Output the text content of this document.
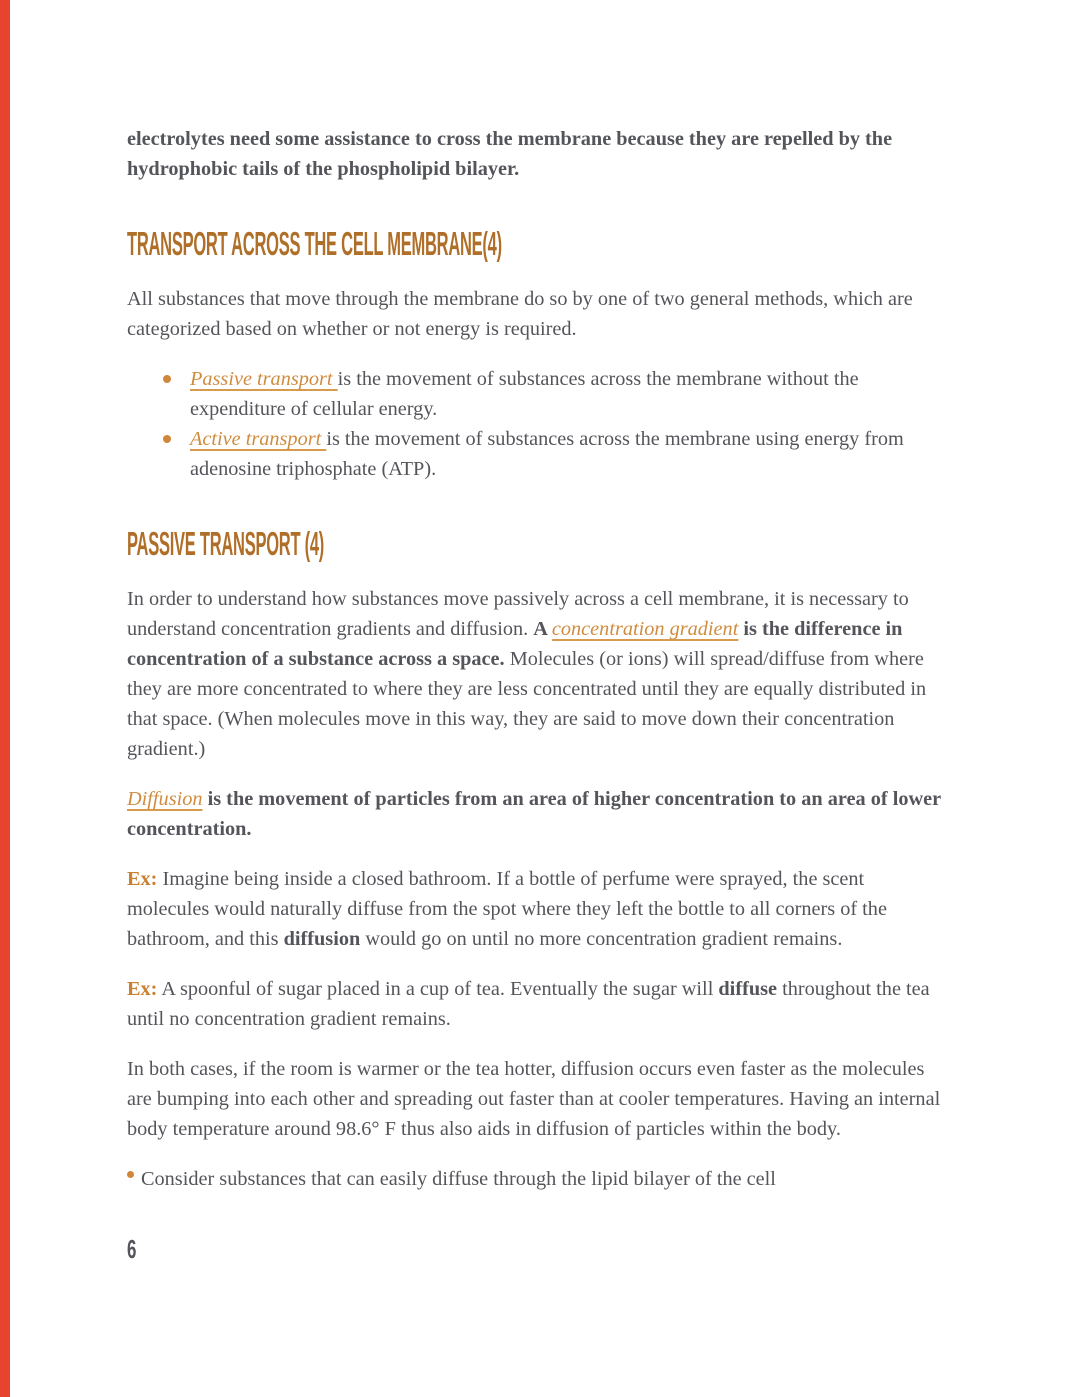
electrolytes need some assistance to cross the membrane because they are repelled by the hydrophobic tails of the phospholipid bilayer.

TRANSPORT ACROSS THE CELL MEMBRANE(4)

All substances that move through the membrane do so by one of two general methods, which are categorized based on whether or not energy is required.

Passive transport is the movement of substances across the membrane without the expenditure of cellular energy.
Active transport is the movement of substances across the membrane using energy from adenosine triphosphate (ATP).
PASSIVE TRANSPORT (4)

In order to understand how substances move passively across a cell membrane, it is necessary to understand concentration gradients and diffusion. A concentration gradient is the difference in concentration of a substance across a space. Molecules (or ions) will spread/diffuse from where they are more concentrated to where they are less concentrated until they are equally distributed in that space. (When molecules move in this way, they are said to move down their concentration gradient.)

Diffusion is the movement of particles from an area of higher concentration to an area of lower concentration.

Ex: Imagine being inside a closed bathroom. If a bottle of perfume were sprayed, the scent molecules would naturally diffuse from the spot where they left the bottle to all corners of the bathroom, and this diffusion would go on until no more concentration gradient remains.

Ex: A spoonful of sugar placed in a cup of tea. Eventually the sugar will diffuse throughout the tea until no concentration gradient remains.

In both cases, if the room is warmer or the tea hotter, diffusion occurs even faster as the molecules are bumping into each other and spreading out faster than at cooler temperatures. Having an internal body temperature around 98.6° F thus also aids in diffusion of particles within the body.

Consider substances that can easily diffuse through the lipid bilayer of the cell

6
